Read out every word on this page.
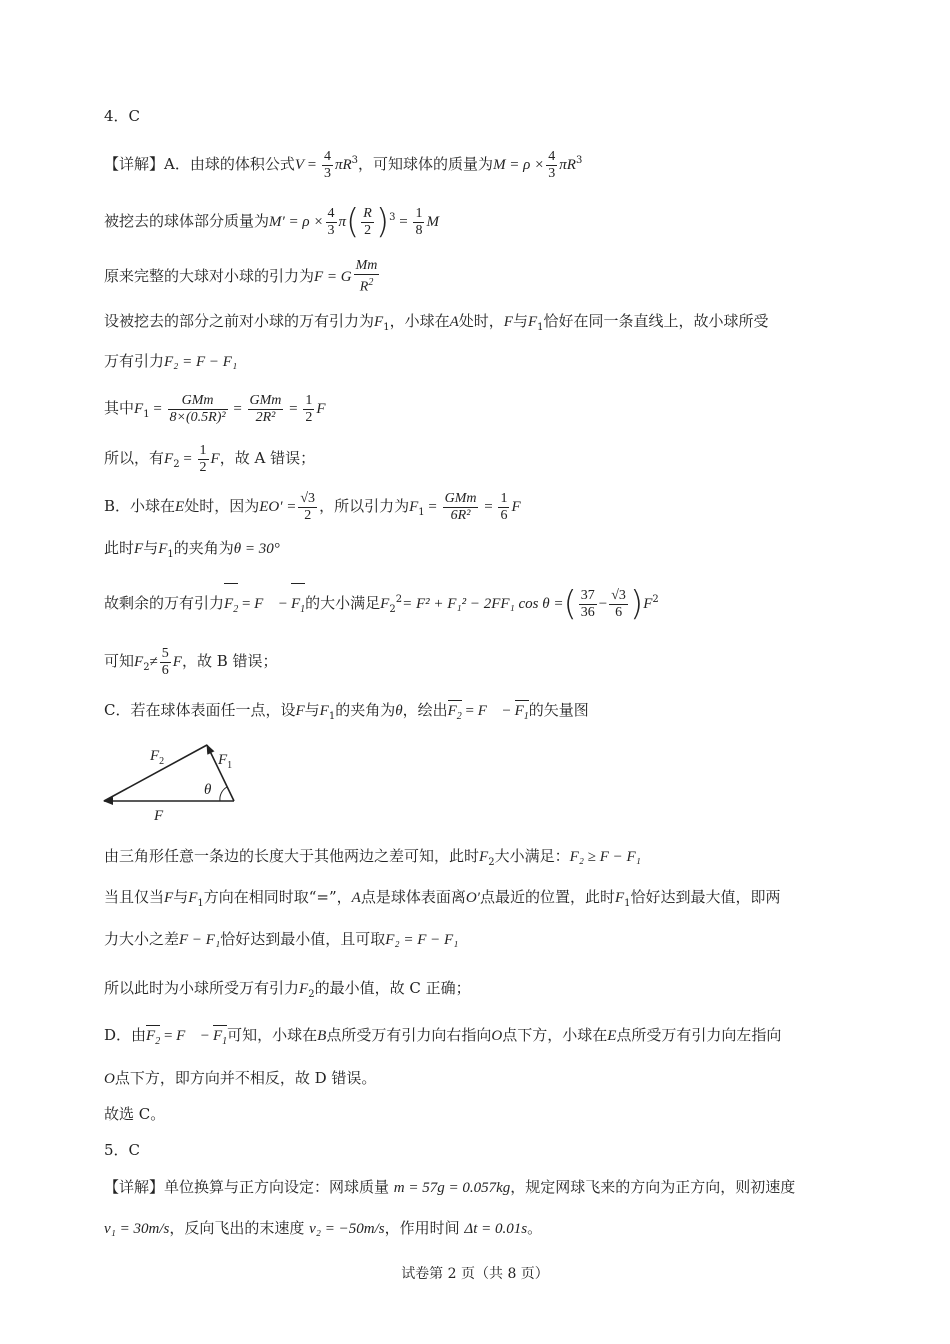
4．C
【详解】A．由球的体积公式$V = \frac{4}{3} \pi R^3$，可知球体的质量为$M = \rho \times \frac{4}{3} \pi R^3$
被挖去的球体部分质量为$M' = \rho \times \frac{4}{3} \pi( \frac{R}{2} )^3 = \frac{1}{8}$ M
原来完整的大球对小球的引力为F = G $\frac{Mm}{R^2}$
设被挖去的部分之前对小球的万有引力为$F_1$，小球在A处时，F与$F_1$恰好在同一条直线上，故小球所受
万有引力F₂ = F − F₁
其中$F_1 = \frac{\text{GMm}}{\text{8×(0.5R)²}} = \frac{\text{GMm}}{\text{2R²}} = \frac{1}{2}$ F
所以，有$F_2 = \frac{1}{2}$ F，故 A 错误；
B．小球在E处时，因为$EO' = \frac{√3}{2}$ ，所以引力为$F_1 = \frac{\text{GMm}}{\text{6R²}} = \frac{1}{6}$ F
此时F与$F_1$的夹角为θ = 30°
故剩余的万有引力$F_2$ = F⃗ − $F_1$的大小满足$F_2^2= F^2 + F_1^2 - 2FF_1$ cos θ =( $\frac{37}{36} - \frac{√3}{6} )F^2$
可知$F_2\ne \frac{5}{6}$ F，故 B 错误；
C．若在球体表面任一点，设F与$F_1$的夹角为θ，绘出$F_2$ = F⃗ − $F_1$的矢量图
$F_2$	$F_1$
θ
F
由三角形任意一条边的长度大于其他两边之差可知，此时$F_2$大小满足：F₂ ≥ F − F₁
当且仅当F与$F_1$方向在相同时取“=”，A点是球体表面离O′点最近的位置，此时$F_1$恰好达到最大值，即两
力大小之差F − F₁恰好达到最小值，且可取F₂ = F − F₁
所以此时为小球所受万有引力$F_2$的最小值，故 C 正确；
D．由$F_2$ = F⃗ − $F_1$可知，小球在B点所受万有引力向右指向O点下方，小球在E点所受万有引力向左指向
O点下方，即方向并不相反，故 D 错误。
故选 C。
5．C
【详解】单位换算与正方向设定：网球质量 m = 57g = 0.057kg，规定网球飞来的方向为正方向，则初速度
v₁ = 30m/s，反向飞出的末速度 v₂ = −50m/s，作用时间 Δt = 0.01s。
试卷第 2 页（共 8 页）
